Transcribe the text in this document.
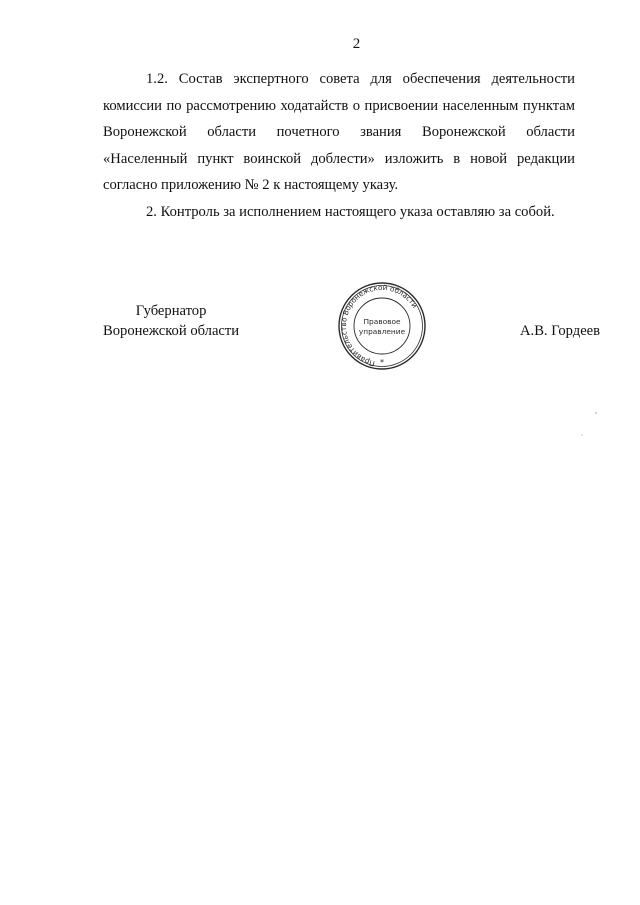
2

1.2. Состав экспертного совета для обеспечения деятельности комиссии по рассмотрению ходатайств о присвоении населенным пунктам Воронежской области почетного звания Воронежской области «Населенный пункт воинской доблести» изложить в новой редакции согласно приложению № 2 к настоящему указу.

2. Контроль за исполнением настоящего указа оставляю за собой.

Губернатор
Воронежской области
Правительство Воронежской области
Правовое
управление
*
А.В. Гордеев
